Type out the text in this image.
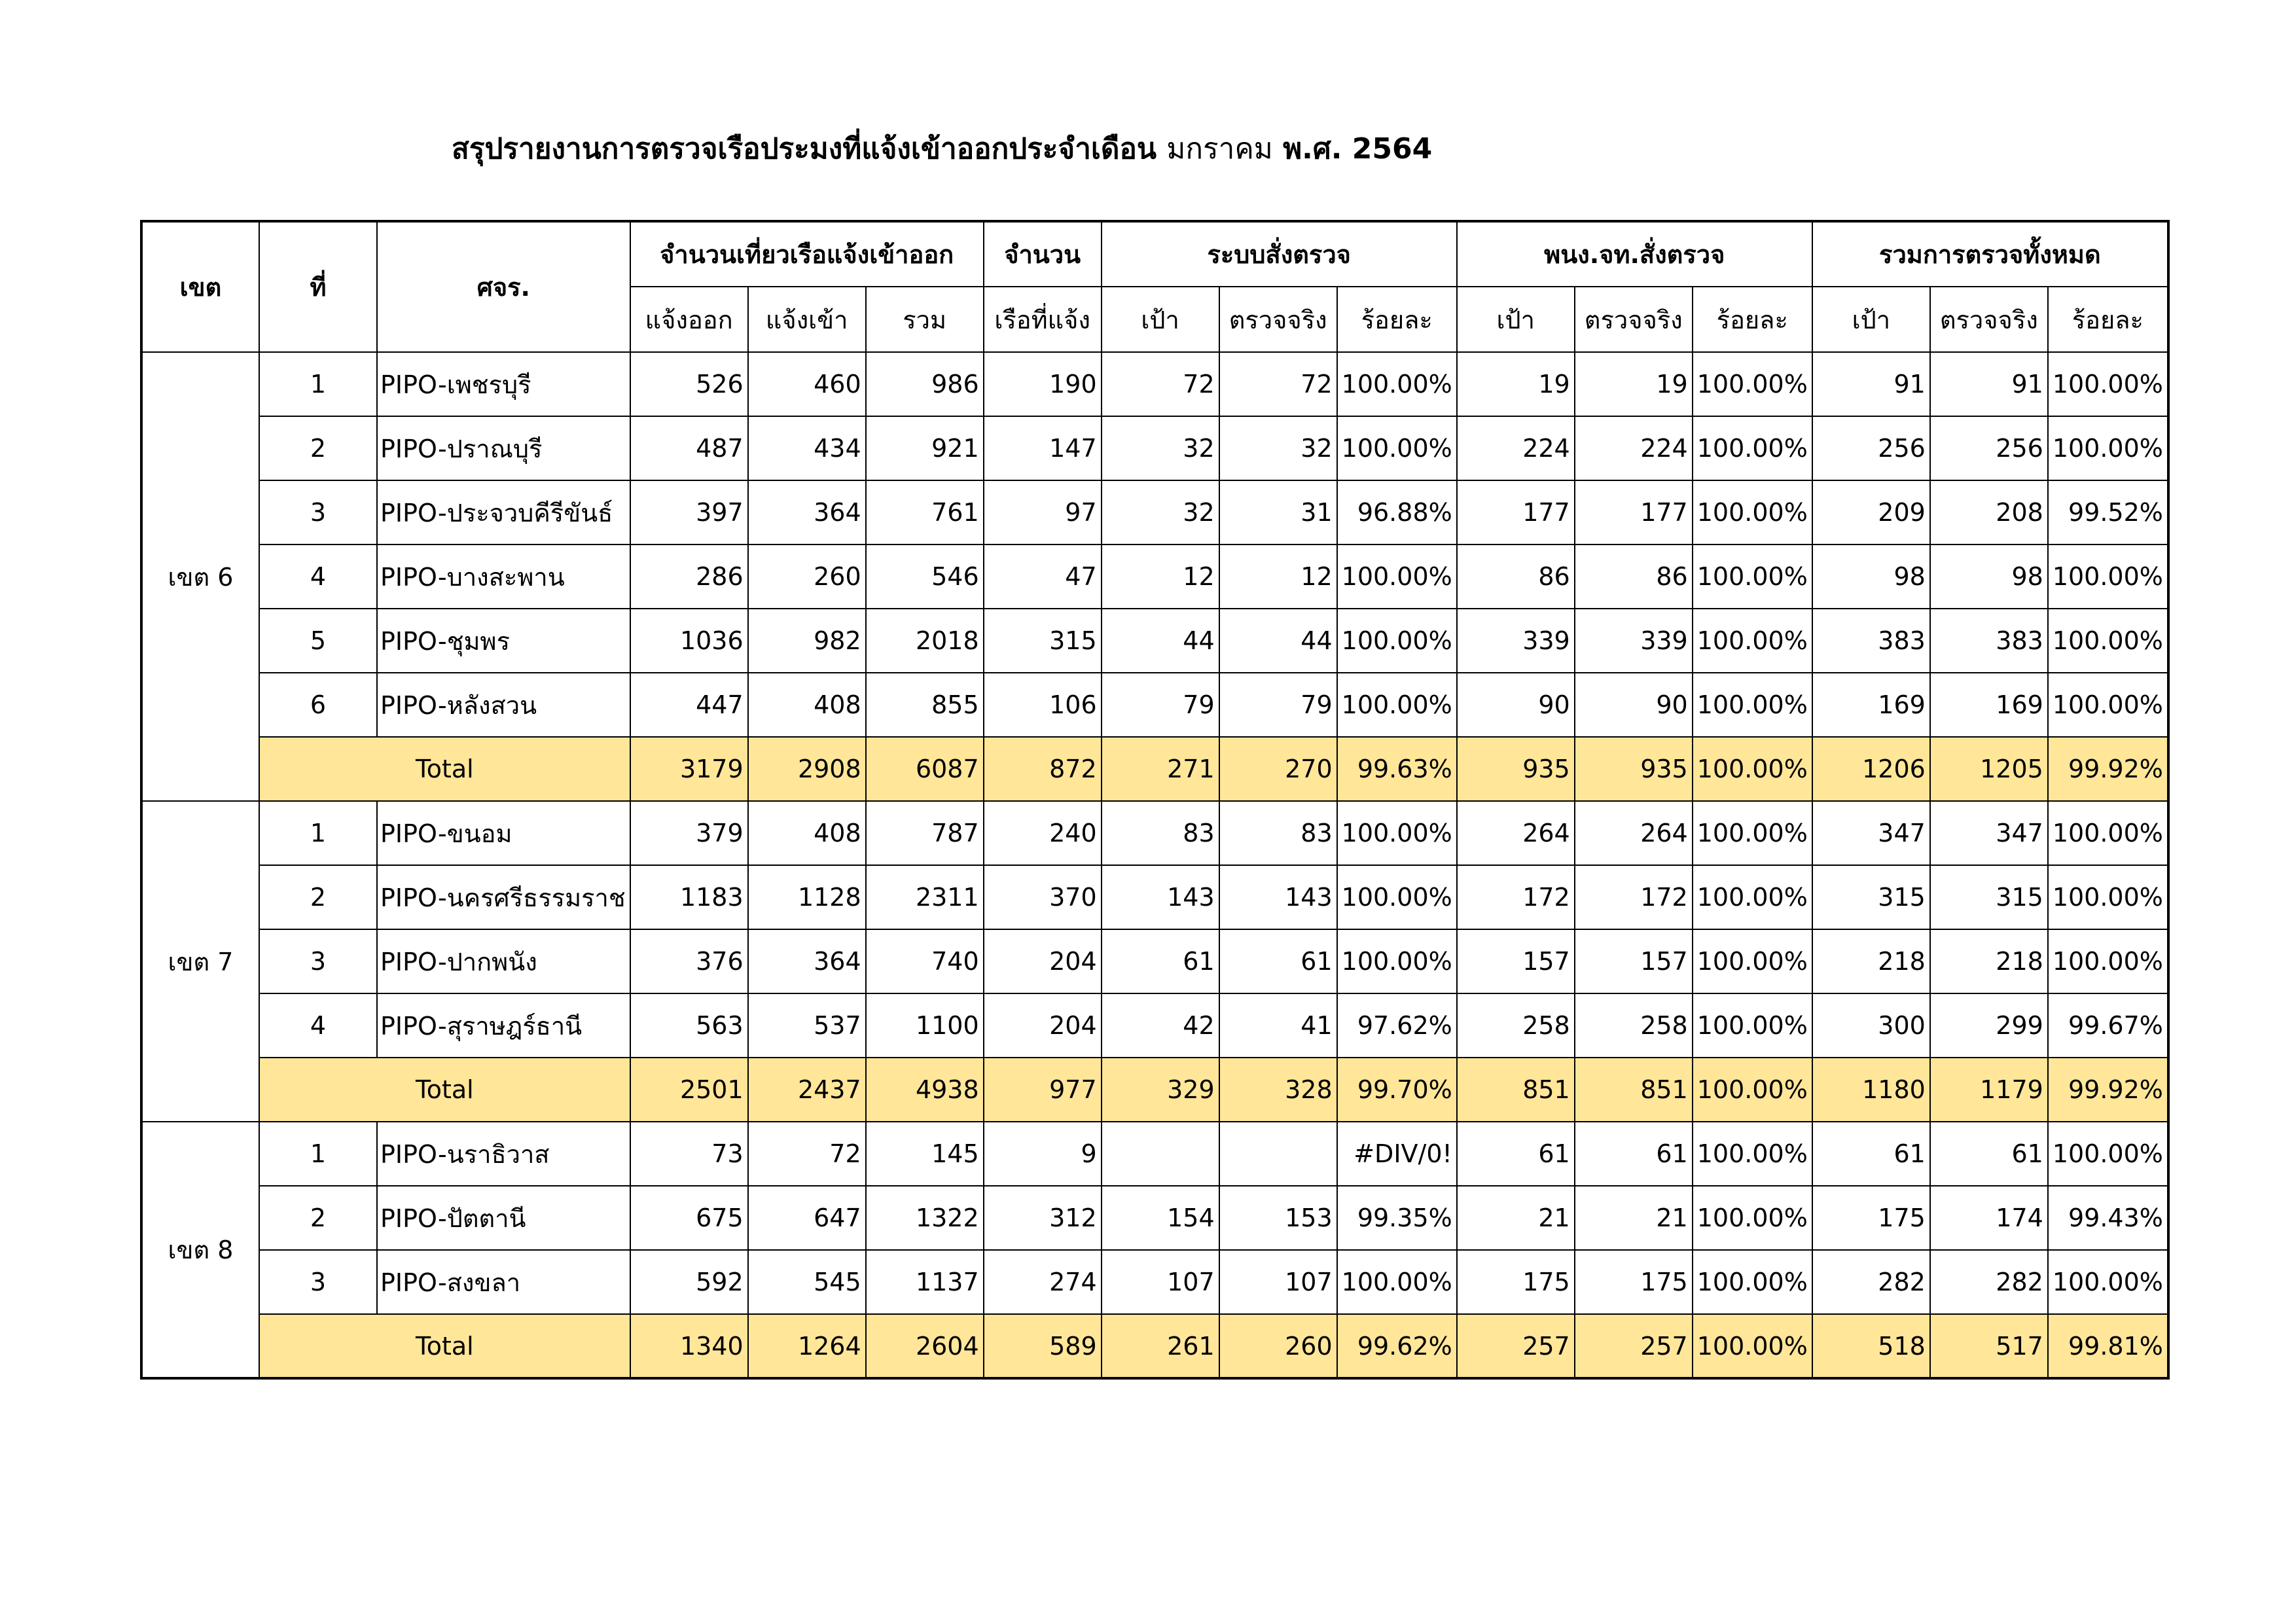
สรุปรายงานการตรวจเรือประมงที่แจ้งเข้าออกประจำเดือน มกราคม พ.ศ. 2564
เขต	ที่	ศจร.	จำนวนเที่ยวเรือแจ้งเข้าออก			จำนวน	ระบบสั่งตรวจ			พนง.จท.สั่งตรวจ			รวมการตรวจทั้งหมด		
			แจ้งออก	แจ้งเข้า	รวม	เรือที่แจ้ง	เป้า	ตรวจจริง	ร้อยละ	เป้า	ตรวจจริง	ร้อยละ	เป้า	ตรวจจริง	ร้อยละ
เขต 6	1	PIPO-เพชรบุรี	526	460	986	190	72	72	100.00%	19	19	100.00%	91	91	100.00%
	2	PIPO-ปราณบุรี	487	434	921	147	32	32	100.00%	224	224	100.00%	256	256	100.00%
	3	PIPO-ประจวบคีรีขันธ์	397	364	761	97	32	31	96.88%	177	177	100.00%	209	208	99.52%
	4	PIPO-บางสะพาน	286	260	546	47	12	12	100.00%	86	86	100.00%	98	98	100.00%
	5	PIPO-ชุมพร	1036	982	2018	315	44	44	100.00%	339	339	100.00%	383	383	100.00%
	6	PIPO-หลังสวน	447	408	855	106	79	79	100.00%	90	90	100.00%	169	169	100.00%
	Total		3179	2908	6087	872	271	270	99.63%	935	935	100.00%	1206	1205	99.92%
เขต 7	1	PIPO-ขนอม	379	408	787	240	83	83	100.00%	264	264	100.00%	347	347	100.00%
	2	PIPO-นครศรีธรรมราช	1183	1128	2311	370	143	143	100.00%	172	172	100.00%	315	315	100.00%
	3	PIPO-ปากพนัง	376	364	740	204	61	61	100.00%	157	157	100.00%	218	218	100.00%
	4	PIPO-สุราษฎร์ธานี	563	537	1100	204	42	41	97.62%	258	258	100.00%	300	299	99.67%
	Total		2501	2437	4938	977	329	328	99.70%	851	851	100.00%	1180	1179	99.92%
เขต 8	1	PIPO-นราธิวาส	73	72	145	9			#DIV/0!	61	61	100.00%	61	61	100.00%
	2	PIPO-ปัตตานี	675	647	1322	312	154	153	99.35%	21	21	100.00%	175	174	99.43%
	3	PIPO-สงขลา	592	545	1137	274	107	107	100.00%	175	175	100.00%	282	282	100.00%
	Total		1340	1264	2604	589	261	260	99.62%	257	257	100.00%	518	517	99.81%
